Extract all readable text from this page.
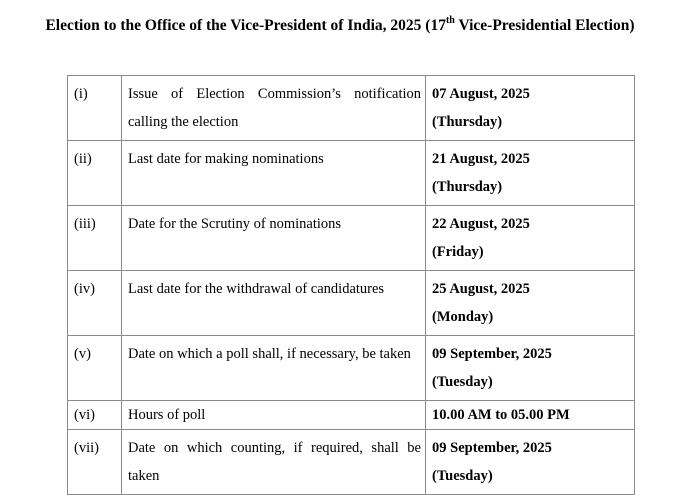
Election to the Office of the Vice-President of India, 2025 (17th Vice-Presidential Election)
(i)	Issue of Election Commission’s notification calling the election	07 August, 2025
(Thursday)

(ii)	Last date for making nominations	21 August, 2025
(Thursday)

(iii)	Date for the Scrutiny of nominations	22 August, 2025
(Friday)

(iv)	Last date for the withdrawal of candidatures	25 August, 2025
(Monday)

(v)	Date on which a poll shall, if necessary, be taken	09 September, 2025
(Tuesday)

(vi)	Hours of poll	10.00 AM to 05.00 PM

(vii)	Date on which counting, if required, shall be taken	09 September, 2025
(Tuesday)
